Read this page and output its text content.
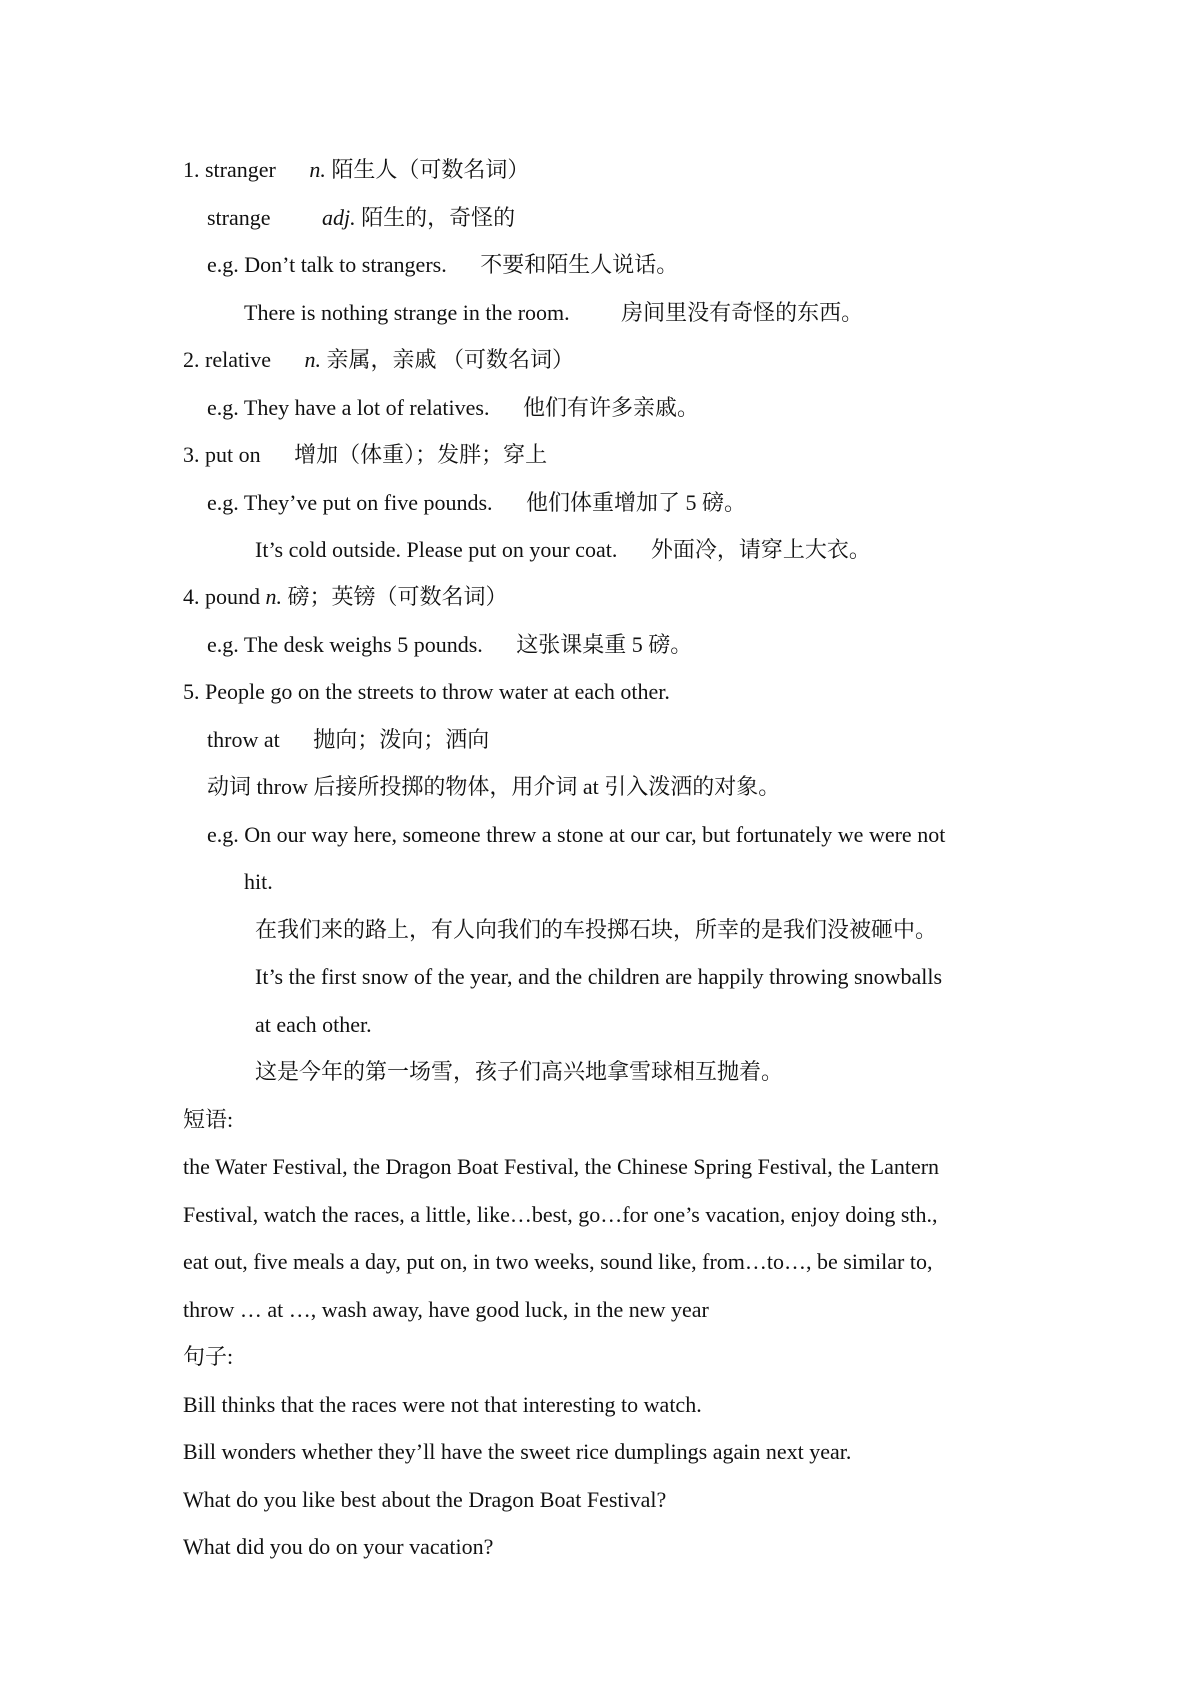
1. stranger n. 陌生人（可数名词）
strange adj. 陌生的，奇怪的
e.g. Don’t talk to strangers. 不要和陌生人说话。
There is nothing strange in the room. 房间里没有奇怪的东西。
2. relative n. 亲属，亲戚 （可数名词）
e.g. They have a lot of relatives. 他们有许多亲戚。
3. put on 增加（体重）；发胖；穿上
e.g. They’ve put on five pounds. 他们体重增加了 5 磅。
It’s cold outside. Please put on your coat. 外面冷，请穿上大衣。
4. pound n. 磅；英镑（可数名词）
e.g. The desk weighs 5 pounds. 这张课桌重 5 磅。
5. People go on the streets to throw water at each other.
throw at 抛向；泼向；洒向
动词 throw 后接所投掷的物体，用介词 at 引入泼洒的对象。
e.g. On our way here, someone threw a stone at our car, but fortunately we were not
hit.
在我们来的路上，有人向我们的车投掷石块，所幸的是我们没被砸中。
It’s the first snow of the year, and the children are happily throwing snowballs
at each other.
这是今年的第一场雪，孩子们高兴地拿雪球相互抛着。
短语:
the Water Festival, the Dragon Boat Festival, the Chinese Spring Festival, the Lantern
Festival, watch the races, a little, like…best, go…for one’s vacation, enjoy doing sth.,
eat out, five meals a day, put on, in two weeks, sound like, from…to…, be similar to,
throw … at …, wash away, have good luck, in the new year
句子:
Bill thinks that the races were not that interesting to watch.
Bill wonders whether they’ll have the sweet rice dumplings again next year.
What do you like best about the Dragon Boat Festival?
What did you do on your vacation?
